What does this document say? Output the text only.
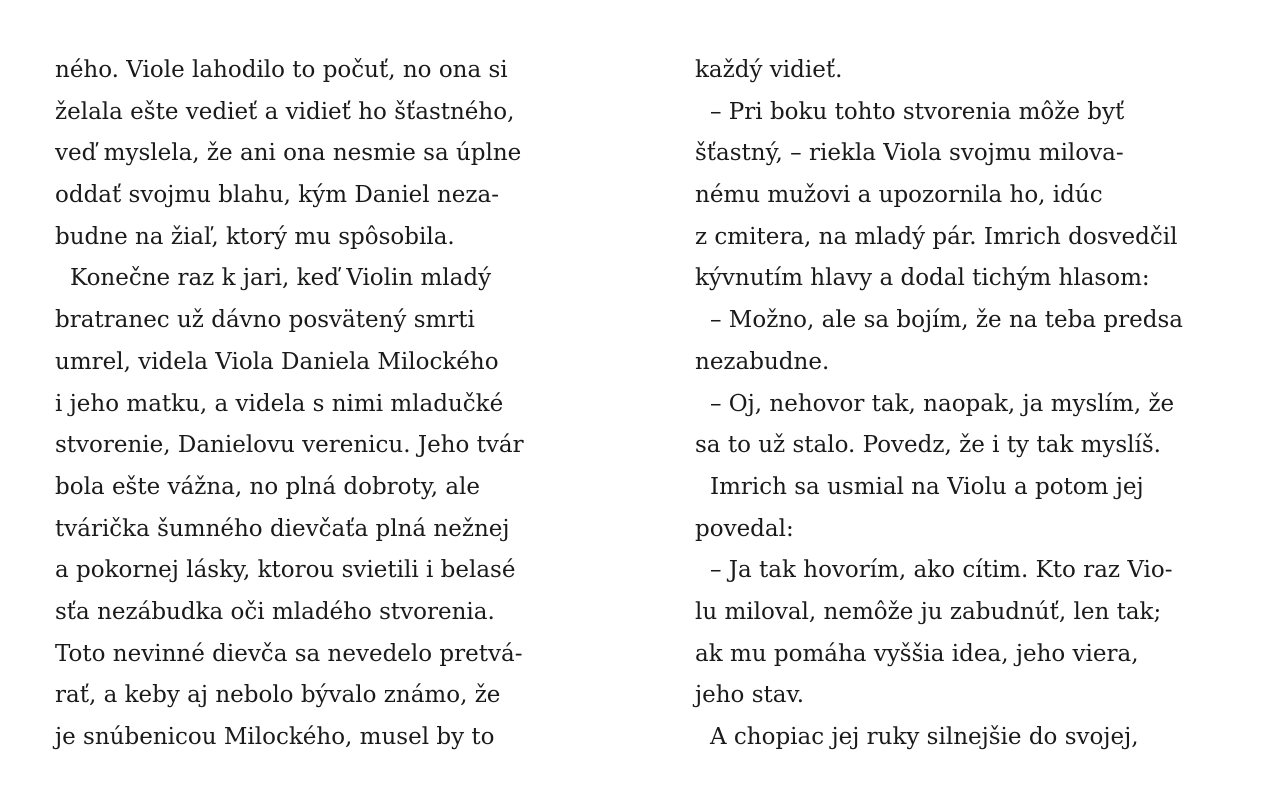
ného. Viole lahodilo to počuť, no ona si
želala ešte vedieť a vidieť ho šťastného,
veď myslela, že ani ona nesmie sa úplne
oddať svojmu blahu, kým Daniel neza-
budne na žiaľ, ktorý mu spôsobila.
Konečne raz k jari, keď Violin mladý
bratranec už dávno posvätený smrti
umrel, videla Viola Daniela Milockého
i jeho matku, a videla s nimi mladučké
stvorenie, Danielovu verenicu. Jeho tvár
bola ešte vážna, no plná dobroty, ale
tvárička šumného dievčaťa plná nežnej
a pokornej lásky, ktorou svietili i belasé
sťa nezábudka oči mladého stvorenia.
Toto nevinné dievča sa nevedelo pretvá-
rať, a keby aj nebolo bývalo známo, že
je snúbenicou Milockého, musel by to
každý vidieť.
– Pri boku tohto stvorenia môže byť
šťastný, – riekla Viola svojmu milova-
nému mužovi a upozornila ho, idúc
z cmitera, na mladý pár. Imrich dosvedčil
kývnutím hlavy a dodal tichým hlasom:
– Možno, ale sa bojím, že na teba predsa
nezabudne.
– Oj, nehovor tak, naopak, ja myslím, že
sa to už stalo. Povedz, že i ty tak myslíš.
Imrich sa usmial na Violu a potom jej
povedal:
– Ja tak hovorím, ako cítim. Kto raz Vio-
lu miloval, nemôže ju zabudnúť, len tak;
ak mu pomáha vyššia idea, jeho viera,
jeho stav.
A chopiac jej ruky silnejšie do svojej,
